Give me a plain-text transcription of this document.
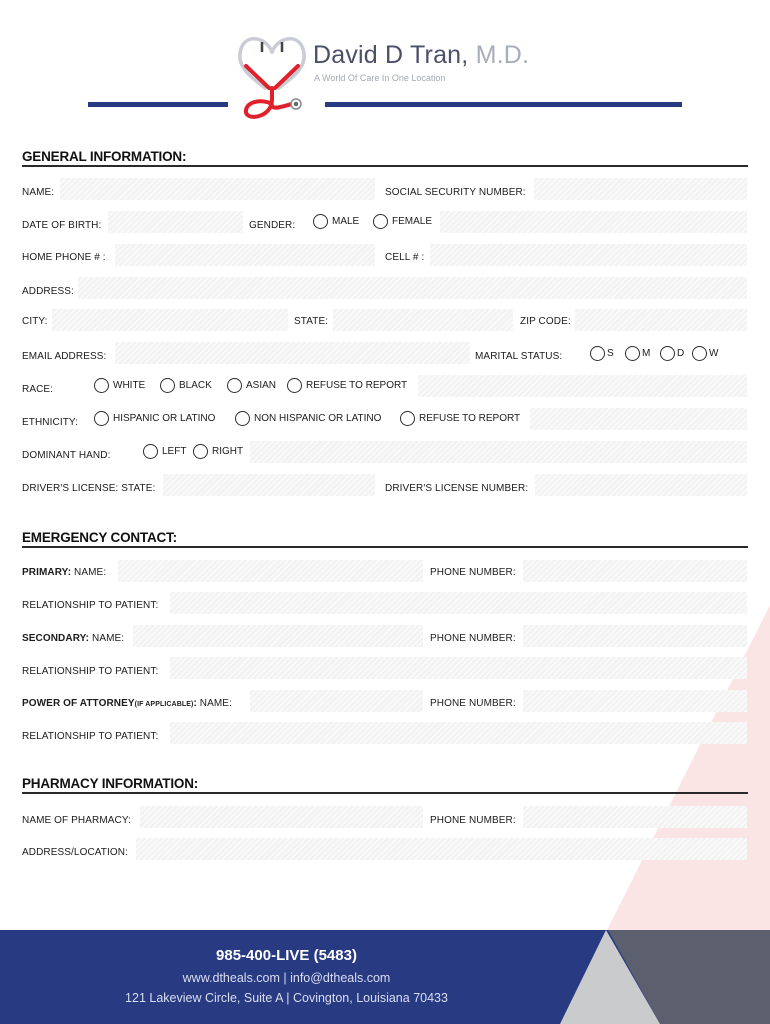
David D Tran, M.D.
A World Of Care In One Location
GENERAL INFORMATION:
NAME:	SOCIAL SECURITY NUMBER:
DATE OF BIRTH:	GENDER:	MALE	FEMALE
HOME PHONE # :	CELL # :
ADDRESS:
CITY:	STATE:	ZIP CODE:
EMAIL ADDRESS:	MARITAL STATUS:	S	M	D W
RACE:	WHITE	BLACK	ASIAN	REFUSE TO REPORT
ETHNICITY:	HISPANIC OR LATINO	NON HISPANIC OR LATINO	REFUSE TO REPORT
DOMINANT HAND:	LEFT	RIGHT
DRIVER'S LICENSE: STATE:	DRIVER'S LICENSE NUMBER:
EMERGENCY CONTACT:
PRIMARY: NAME:	PHONE NUMBER:
RELATIONSHIP TO PATIENT:
SECONDARY: NAME:	PHONE NUMBER:
RELATIONSHIP TO PATIENT:
POWER OF ATTORNEY(IF APPLICABLE): NAME:	PHONE NUMBER:
RELATIONSHIP TO PATIENT:
PHARMACY INFORMATION:
NAME OF PHARMACY:	PHONE NUMBER:
ADDRESS/LOCATION:
985-400-LIVE (5483)
www.dtheals.com | info@dtheals.com
121 Lakeview Circle, Suite A | Covington, Louisiana 70433
